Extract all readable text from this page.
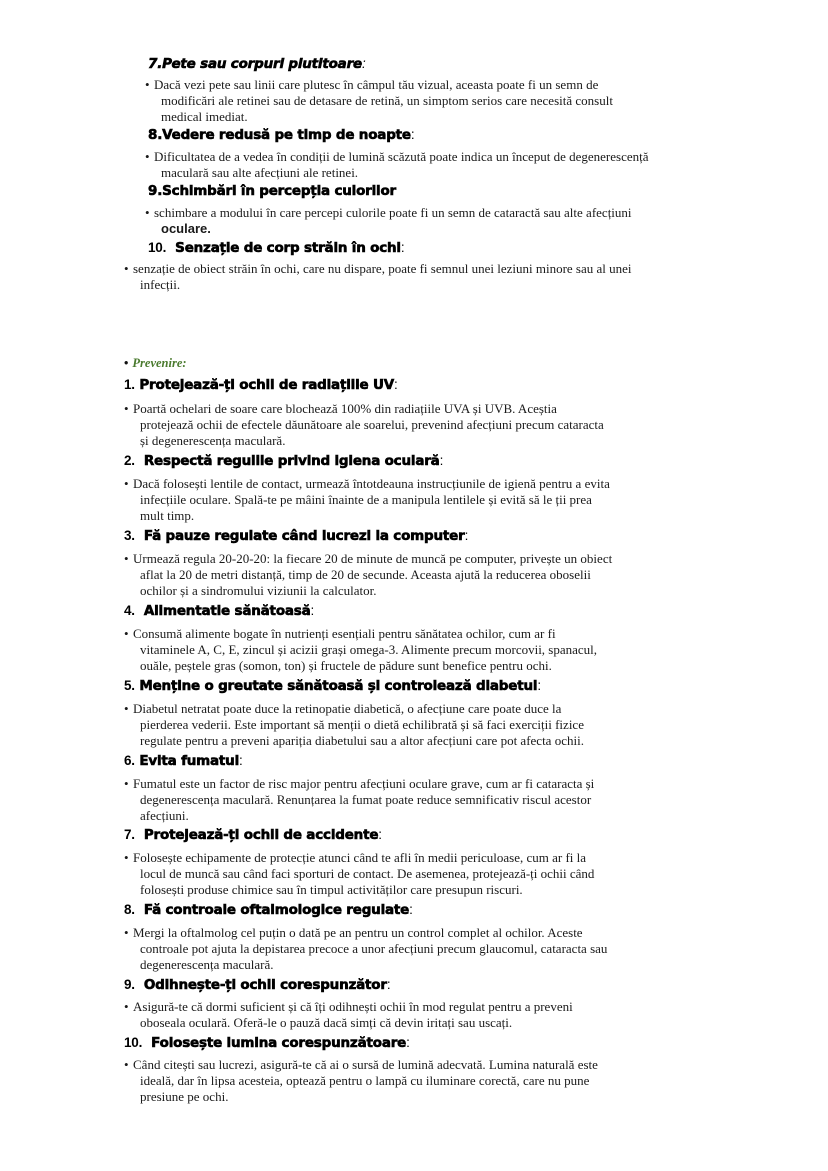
7.Pete sau corpuri plutitoare:
• Dacă vezi pete sau linii care plutesc în câmpul tău vizual, aceasta poate fi un semn de
modificări ale retinei sau de detasare de retină, un simptom serios care necesită consult
medical imediat.
8.Vedere redusă pe timp de noapte:
• Dificultatea de a vedea în condiții de lumină scăzută poate indica un început de degenerescență
maculară sau alte afecțiuni ale retinei.
9.Schimbări în percepția culorilor
• schimbare a modului în care percepi culorile poate fi un semn de cataractă sau alte afecțiuni
oculare.
10. Senzație de corp străin în ochi:
• senzație de obiect străin în ochi, care nu dispare, poate fi semnul unei leziuni minore sau al unei
infecții.
• Prevenire:
1. Protejează-ți ochii de radiațiile UV:
• Poartă ochelari de soare care blochează 100% din radiațiile UVA și UVB. Aceștia
protejează ochii de efectele dăunătoare ale soarelui, prevenind afecțiuni precum cataracta
și degenerescența maculară.
2. Respectă regulile privind igiena oculară:
• Dacă folosești lentile de contact, urmează întotdeauna instrucțiunile de igienă pentru a evita
infecțiile oculare. Spală-te pe mâini înainte de a manipula lentilele și evită să le ții prea
mult timp.
3. Fă pauze regulate când lucrezi la computer:
• Urmează regula 20-20-20: la fiecare 20 de minute de muncă pe computer, privește un obiect
aflat la 20 de metri distanță, timp de 20 de secunde. Aceasta ajută la reducerea oboselii
ochilor și a sindromului viziunii la calculator.
4. Alimentatie sănătoasă:
• Consumă alimente bogate în nutrienți esențiali pentru sănătatea ochilor, cum ar fi
vitaminele A, C, E, zincul și acizii grași omega-3. Alimente precum morcovii, spanacul,
ouăle, peștele gras (somon, ton) și fructele de pădure sunt benefice pentru ochi.
5. Menține o greutate sănătoasă și controlează diabetul:
• Diabetul netratat poate duce la retinopatie diabetică, o afecțiune care poate duce la
pierderea vederii. Este important să menții o dietă echilibrată și să faci exerciții fizice
regulate pentru a preveni apariția diabetului sau a altor afecțiuni care pot afecta ochii.
6. Evita fumatul:
• Fumatul este un factor de risc major pentru afecțiuni oculare grave, cum ar fi cataracta și
degenerescența maculară. Renunțarea la fumat poate reduce semnificativ riscul acestor
afecțiuni.
7. Protejează-ți ochii de accidente:
• Folosește echipamente de protecție atunci când te afli în medii periculoase, cum ar fi la
locul de muncă sau când faci sporturi de contact. De asemenea, protejează-ți ochii când
folosești produse chimice sau în timpul activităților care presupun riscuri.
8. Fă controale oftalmologice regulate:
• Mergi la oftalmolog cel puțin o dată pe an pentru un control complet al ochilor. Aceste
controale pot ajuta la depistarea precoce a unor afecțiuni precum glaucomul, cataracta sau
degenerescența maculară.
9. Odihnește-ți ochii corespunzător:
• Asigură-te că dormi suficient și că îți odihnești ochii în mod regulat pentru a preveni
oboseala oculară. Oferă-le o pauză dacă simți că devin iritați sau uscați.
10. Folosește lumina corespunzătoare:
• Când citești sau lucrezi, asigură-te că ai o sursă de lumină adecvată. Lumina naturală este
ideală, dar în lipsa acesteia, optează pentru o lampă cu iluminare corectă, care nu pune
presiune pe ochi.
